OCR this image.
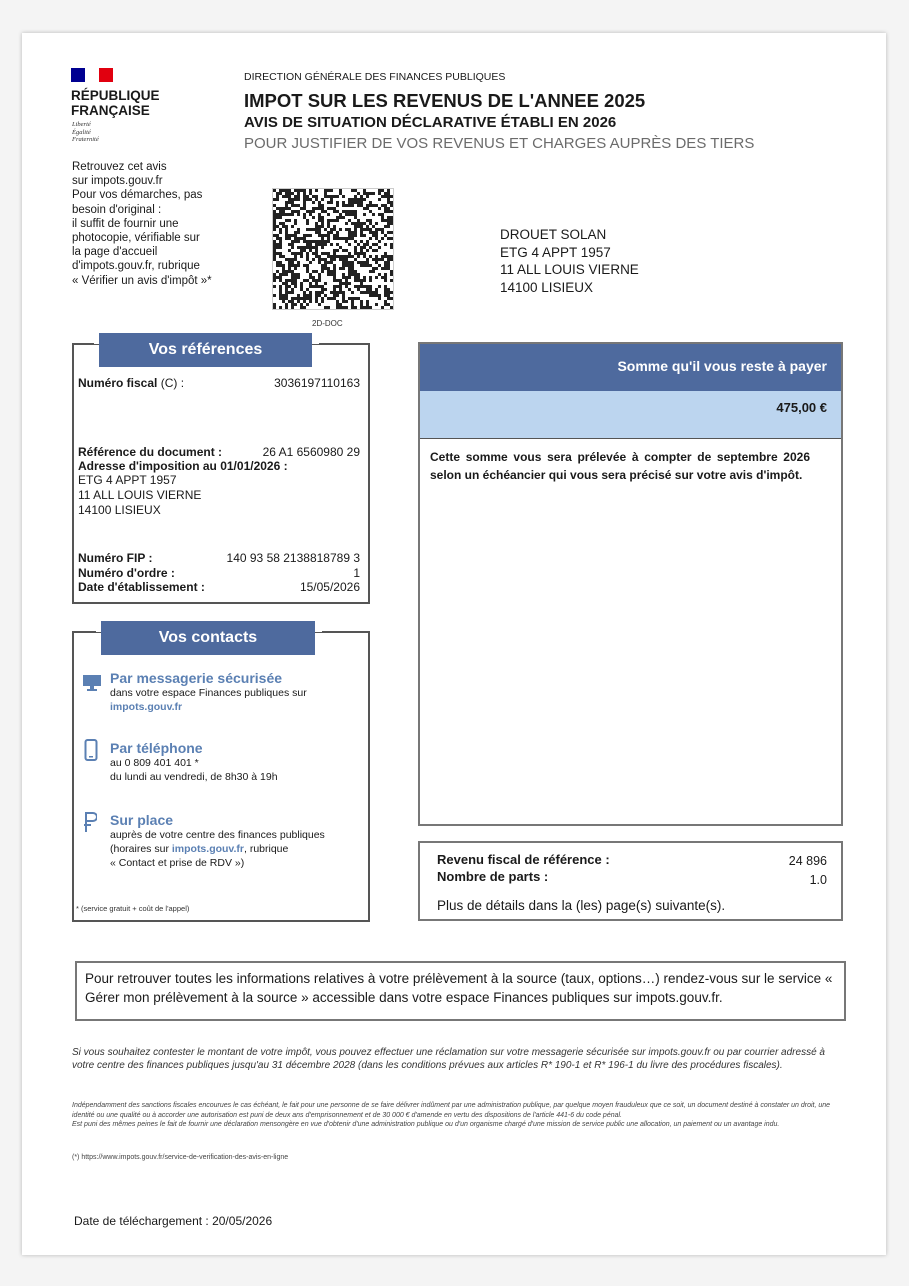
RÉPUBLIQUE
FRANÇAISE
Liberté
Égalité
Fraternité
Retrouvez cet avis
sur impots.gouv.fr
Pour vos démarches, pas
besoin d'original :
il suffit de fournir une
photocopie, vérifiable sur
la page d'accueil
d'impots.gouv.fr, rubrique
« Vérifier un avis d'impôt »*
DIRECTION GÉNÉRALE DES FINANCES PUBLIQUES
IMPOT SUR LES REVENUS DE L'ANNEE 2025
AVIS DE SITUATION DÉCLARATIVE ÉTABLI EN 2026
POUR JUSTIFIER DE VOS REVENUS ET CHARGES AUPRÈS DES TIERS
2D-DOC
DROUET SOLAN
ETG 4 APPT 1957
11 ALL LOUIS VIERNE
14100 LISIEUX
Vos références
Numéro fiscal (C) :	3036197110163
Référence du document :	26 A1 6560980 29
Adresse d'imposition au 01/01/2026 :
ETG 4 APPT 1957
11 ALL LOUIS VIERNE
14100 LISIEUX
Numéro FIP :	140 93 58 2138818789 3
Numéro d'ordre :	1
Date d'établissement :	15/05/2026
Vos contacts
Par messagerie sécurisée
dans votre espace Finances publiques sur
impots.gouv.fr
Par téléphone
au 0 809 401 401 *
du lundi au vendredi, de 8h30 à 19h
Sur place
auprès de votre centre des finances publiques
(horaires sur impots.gouv.fr, rubrique
« Contact et prise de RDV »)
* (service gratuit + coût de l'appel)
Somme qu'il vous reste à payer
475,00 €
Cette somme vous sera prélevée à compter de septembre 2026 selon un échéancier qui vous sera précisé sur votre avis d'impôt.
Revenu fiscal de référence :	24 896
Nombre de parts :	1.0
Plus de détails dans la (les) page(s) suivante(s).
Pour retrouver toutes les informations relatives à votre prélèvement à la source (taux, options…) rendez-vous sur le service « Gérer mon prélèvement à la source » accessible dans votre espace Finances publiques sur impots.gouv.fr.
Si vous souhaitez contester le montant de votre impôt, vous pouvez effectuer une réclamation sur votre messagerie sécurisée sur impots.gouv.fr ou par courrier adressé à votre centre des finances publiques jusqu'au 31 décembre 2028 (dans les conditions prévues aux articles R* 190-1 et R* 196-1 du livre des procédures fiscales).
Indépendamment des sanctions fiscales encourues le cas échéant, le fait pour une personne de se faire délivrer indûment par une administration publique, par quelque moyen frauduleux que ce soit, un document destiné à constater un droit, une identité ou une qualité ou à accorder une autorisation est puni de deux ans d'emprisonnement et de 30 000 € d'amende en vertu des dispositions de l'article 441-6 du code pénal.
Est puni des mêmes peines le fait de fournir une déclaration mensongère en vue d'obtenir d'une administration publique ou d'un organisme chargé d'une mission de service public une allocation, un paiement ou un avantage indu.
(*) https://www.impots.gouv.fr/service-de-verification-des-avis-en-ligne
Date de téléchargement : 20/05/2026
